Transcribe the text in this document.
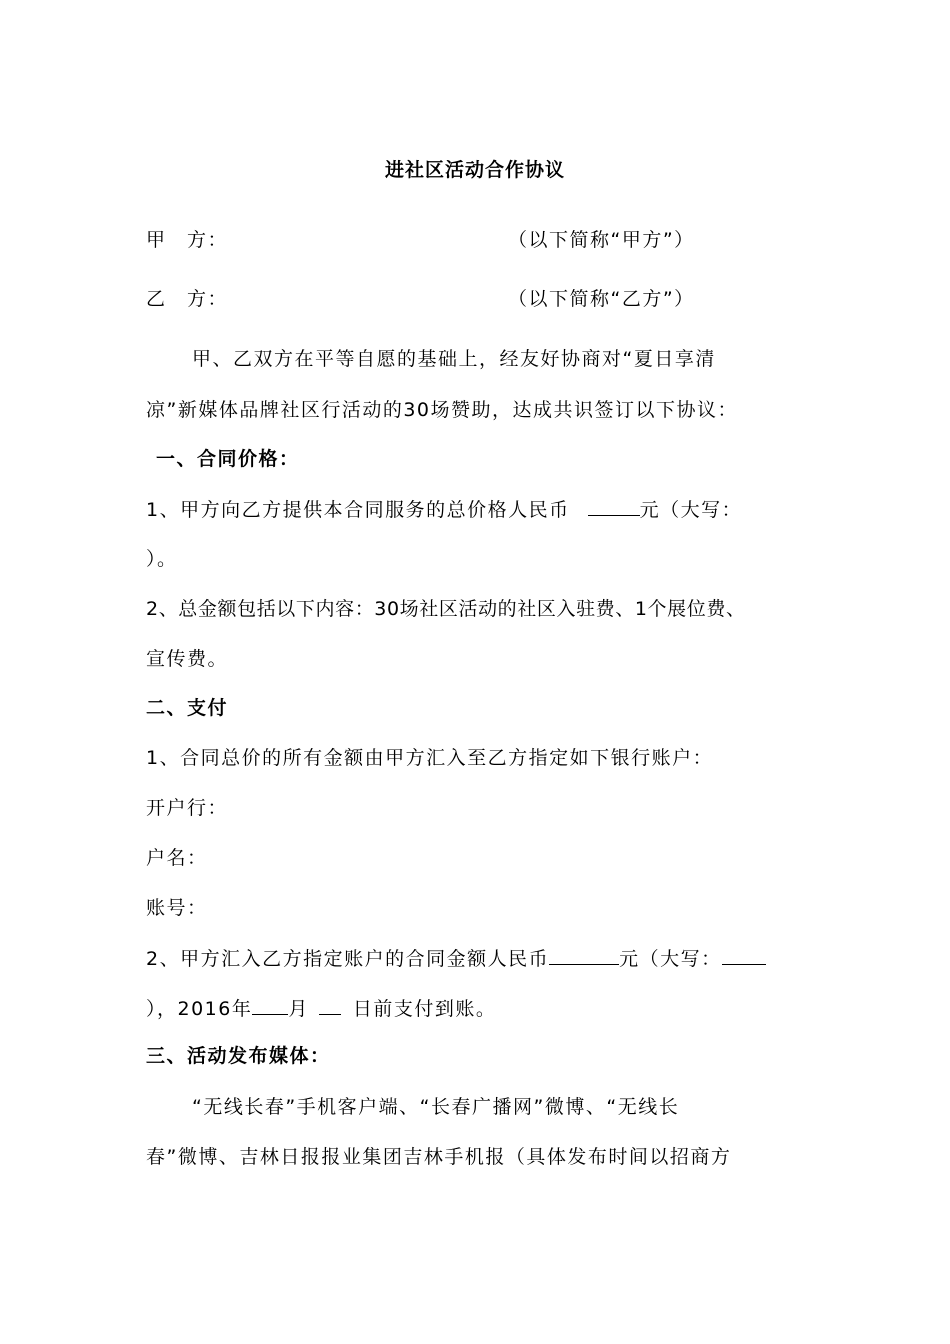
进社区活动合作协议
甲　方：	（以下简称“甲方”）
乙　方：	（以下简称“乙方”）
甲、乙双方在平等自愿的基础上，经友好协商对“夏日享清
凉”新媒体品牌社区行活动的30场赞助，达成共识签订以下协议：
一、合同价格：
1、甲方向乙方提供本合同服务的总价格人民币	元（大写：
）。
2、总金额包括以下内容：30场社区活动的社区入驻费、1个展位费、
宣传费。
二、支付
1、合同总价的所有金额由甲方汇入至乙方指定如下银行账户：
开户行：
户名：
账号：
2、甲方汇入乙方指定账户的合同金额人民币	元（大写：
），2016年 月 日前支付到账。
三、活动发布媒体：
“无线长春”手机客户端、“长春广播网”微博、“无线长
春”微博、吉林日报报业集团吉林手机报（具体发布时间以招商方
